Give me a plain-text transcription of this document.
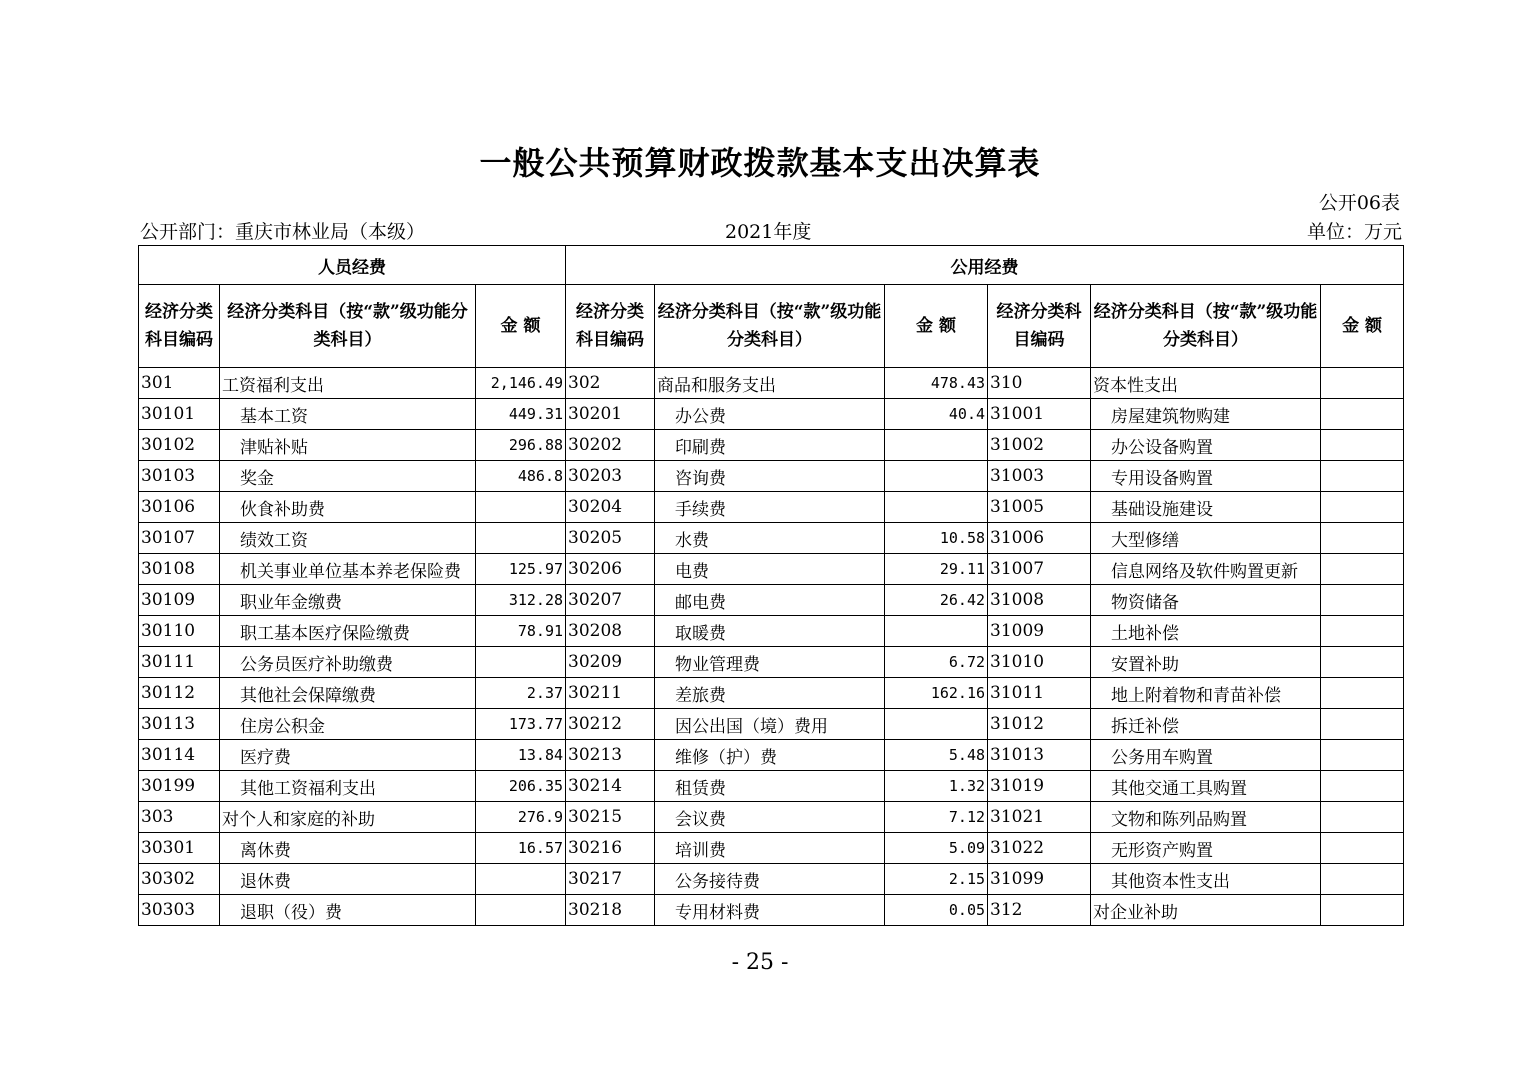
一般公共预算财政拨款基本支出决算表
公开06表
公开部门：重庆市林业局（本级）	2021年度	单位：万元
人员经费			公用经费					
经济分类科目编码	经济分类科目（按“款”级功能分类科目）	金 额	经济分类科目编码	经济分类科目（按“款”级功能分类科目）	金 额	经济分类科目编码	经济分类科目（按“款”级功能分类科目）	金 额
301	工资福利支出	2,146.49	302	商品和服务支出	478.43	310	资本性支出	
30101	基本工资	449.31	30201	办公费	40.4	31001	房屋建筑物购建	
30102	津贴补贴	296.88	30202	印刷费		31002	办公设备购置	
30103	奖金	486.8	30203	咨询费		31003	专用设备购置	
30106	伙食补助费		30204	手续费		31005	基础设施建设	
30107	绩效工资		30205	水费	10.58	31006	大型修缮	
30108	机关事业单位基本养老保险费	125.97	30206	电费	29.11	31007	信息网络及软件购置更新	
30109	职业年金缴费	312.28	30207	邮电费	26.42	31008	物资储备	
30110	职工基本医疗保险缴费	78.91	30208	取暖费		31009	土地补偿	
30111	公务员医疗补助缴费		30209	物业管理费	6.72	31010	安置补助	
30112	其他社会保障缴费	2.37	30211	差旅费	162.16	31011	地上附着物和青苗补偿	
30113	住房公积金	173.77	30212	因公出国（境）费用		31012	拆迁补偿	
30114	医疗费	13.84	30213	维修（护）费	5.48	31013	公务用车购置	
30199	其他工资福利支出	206.35	30214	租赁费	1.32	31019	其他交通工具购置	
303	对个人和家庭的补助	276.9	30215	会议费	7.12	31021	文物和陈列品购置	
30301	离休费	16.57	30216	培训费	5.09	31022	无形资产购置	
30302	退休费		30217	公务接待费	2.15	31099	其他资本性支出	
30303	退职（役）费		30218	专用材料费	0.05	312	对企业补助	
- 25 -
